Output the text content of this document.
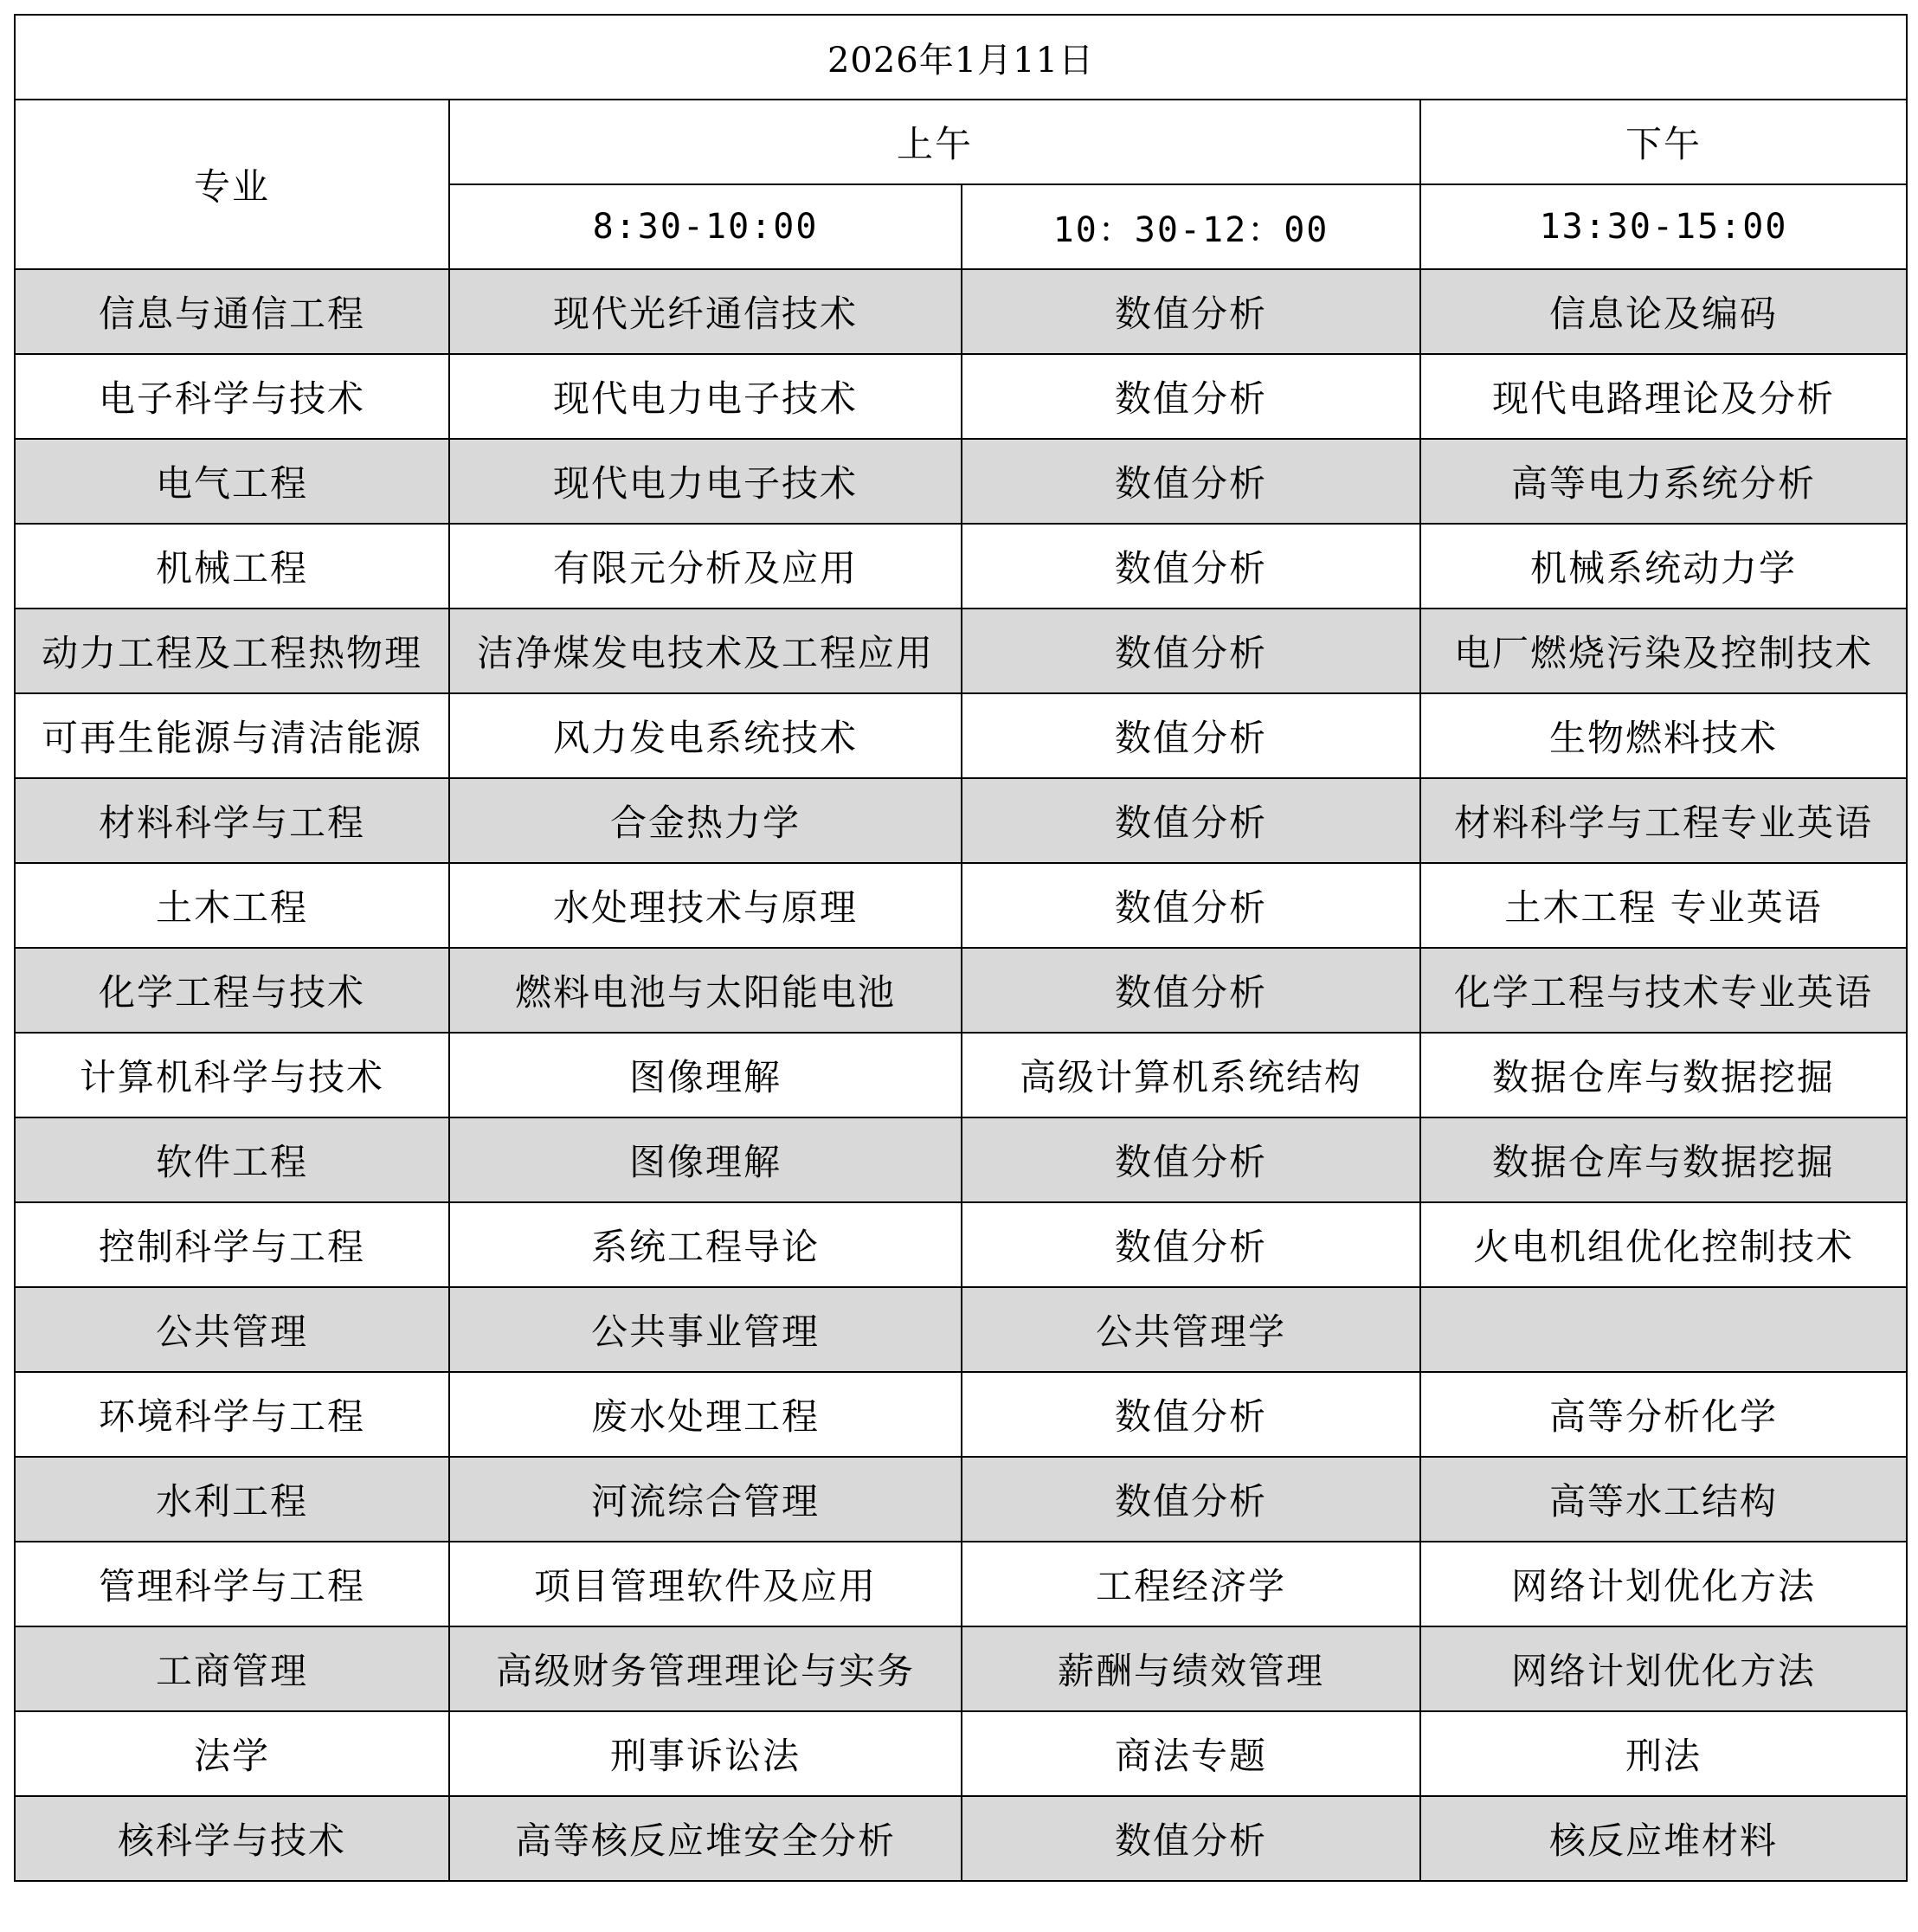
2026年1月11日			
专业	上午		下午
	8:30-10:00	10：30-12：00	13:30-15:00
信息与通信工程	现代光纤通信技术	数值分析	信息论及编码
电子科学与技术	现代电力电子技术	数值分析	现代电路理论及分析
电气工程	现代电力电子技术	数值分析	高等电力系统分析
机械工程	有限元分析及应用	数值分析	机械系统动力学
动力工程及工程热物理	洁净煤发电技术及工程应用	数值分析	电厂燃烧污染及控制技术
可再生能源与清洁能源	风力发电系统技术	数值分析	生物燃料技术
材料科学与工程	合金热力学	数值分析	材料科学与工程专业英语
土木工程	水处理技术与原理	数值分析	土木工程 专业英语
化学工程与技术	燃料电池与太阳能电池	数值分析	化学工程与技术专业英语
计算机科学与技术	图像理解	高级计算机系统结构	数据仓库与数据挖掘
软件工程	图像理解	数值分析	数据仓库与数据挖掘
控制科学与工程	系统工程导论	数值分析	火电机组优化控制技术
公共管理	公共事业管理	公共管理学	
环境科学与工程	废水处理工程	数值分析	高等分析化学
水利工程	河流综合管理	数值分析	高等水工结构
管理科学与工程	项目管理软件及应用	工程经济学	网络计划优化方法
工商管理	高级财务管理理论与实务	薪酬与绩效管理	网络计划优化方法
法学	刑事诉讼法	商法专题	刑法
核科学与技术	高等核反应堆安全分析	数值分析	核反应堆材料
